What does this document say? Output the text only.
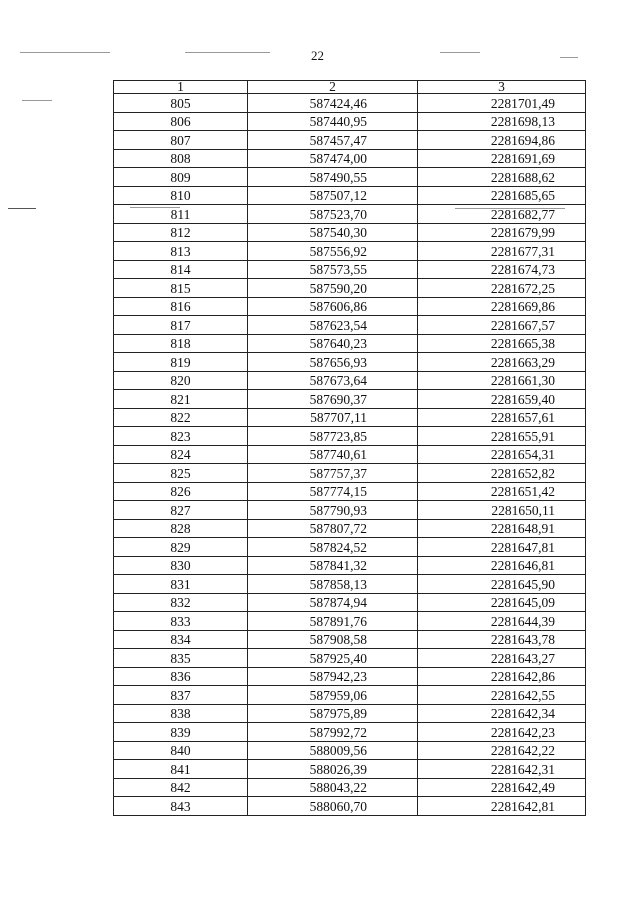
22
1	2	3
805	587424,46	2281701,49
806	587440,95	2281698,13
807	587457,47	2281694,86
808	587474,00	2281691,69
809	587490,55	2281688,62
810	587507,12	2281685,65
811	587523,70	2281682,77
812	587540,30	2281679,99
813	587556,92	2281677,31
814	587573,55	2281674,73
815	587590,20	2281672,25
816	587606,86	2281669,86
817	587623,54	2281667,57
818	587640,23	2281665,38
819	587656,93	2281663,29
820	587673,64	2281661,30
821	587690,37	2281659,40
822	587707,11	2281657,61
823	587723,85	2281655,91
824	587740,61	2281654,31
825	587757,37	2281652,82
826	587774,15	2281651,42
827	587790,93	2281650,11
828	587807,72	2281648,91
829	587824,52	2281647,81
830	587841,32	2281646,81
831	587858,13	2281645,90
832	587874,94	2281645,09
833	587891,76	2281644,39
834	587908,58	2281643,78
835	587925,40	2281643,27
836	587942,23	2281642,86
837	587959,06	2281642,55
838	587975,89	2281642,34
839	587992,72	2281642,23
840	588009,56	2281642,22
841	588026,39	2281642,31
842	588043,22	2281642,49
843	588060,70	2281642,81
